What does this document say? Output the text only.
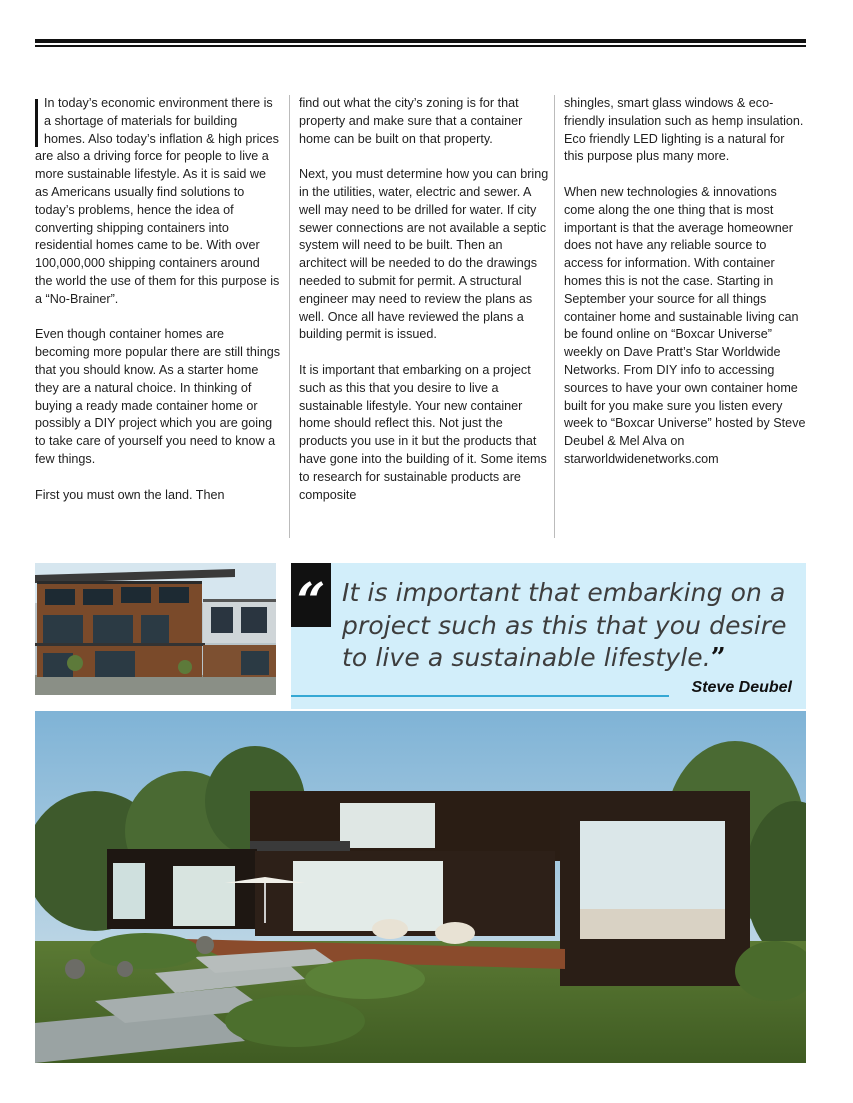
In today’s economic environment there is a shortage of materials for building homes. Also today’s inflation & high prices are also a driving force for people to live a more sustainable lifestyle. As it is said we as Americans usually find solutions to today’s problems, hence the idea of converting shipping containers into residential homes came to be. With over 100,000,000 shipping containers around the world the use of them for this purpose is a “No-Brainer”.

Even though container homes are becoming more popular there are still things that you should know. As a starter home they are a natural choice. In thinking of buying a ready made container home or possibly a DIY project which you are going to take care of yourself you need to know a few things.

First you must own the land. Then

find out what the city’s zoning is for that property and make sure that a container home can be built on that property.

Next, you must determine how you can bring in the utilities, water, electric and sewer. A well may need to be drilled for water. If city sewer connections are not available a septic system will need to be built. Then an architect will be needed to do the drawings needed to submit for permit. A structural engineer may need to review the plans as well. Once all have reviewed the plans a building permit is issued.

It is important that embarking on a project such as this that you desire to live a sustainable lifestyle. Your new container home should reflect this. Not just the products you use in it but the products that have gone into the building of it. Some items to research for sustainable products are composite

shingles, smart glass windows & eco-friendly insulation such as hemp insulation. Eco friendly LED lighting is a natural for this purpose plus many more.

When new technologies & innovations come along the one thing that is most important is that the average homeowner does not have any reliable source to access for information. With container homes this is not the case. Starting in September your source for all things container home and sustainable living can be found online on “Boxcar Universe” weekly on Dave Pratt’s Star Worldwide Networks. From DIY info to accessing sources to have your own container home built for you make sure you listen every week to “Boxcar Universe” hosted by Steve Deubel & Mel Alva on starworldwidenetworks.com

“ It is important that embarking on a project such as this that you desire to live a sustainable lifestyle.”
Steve Deubel
